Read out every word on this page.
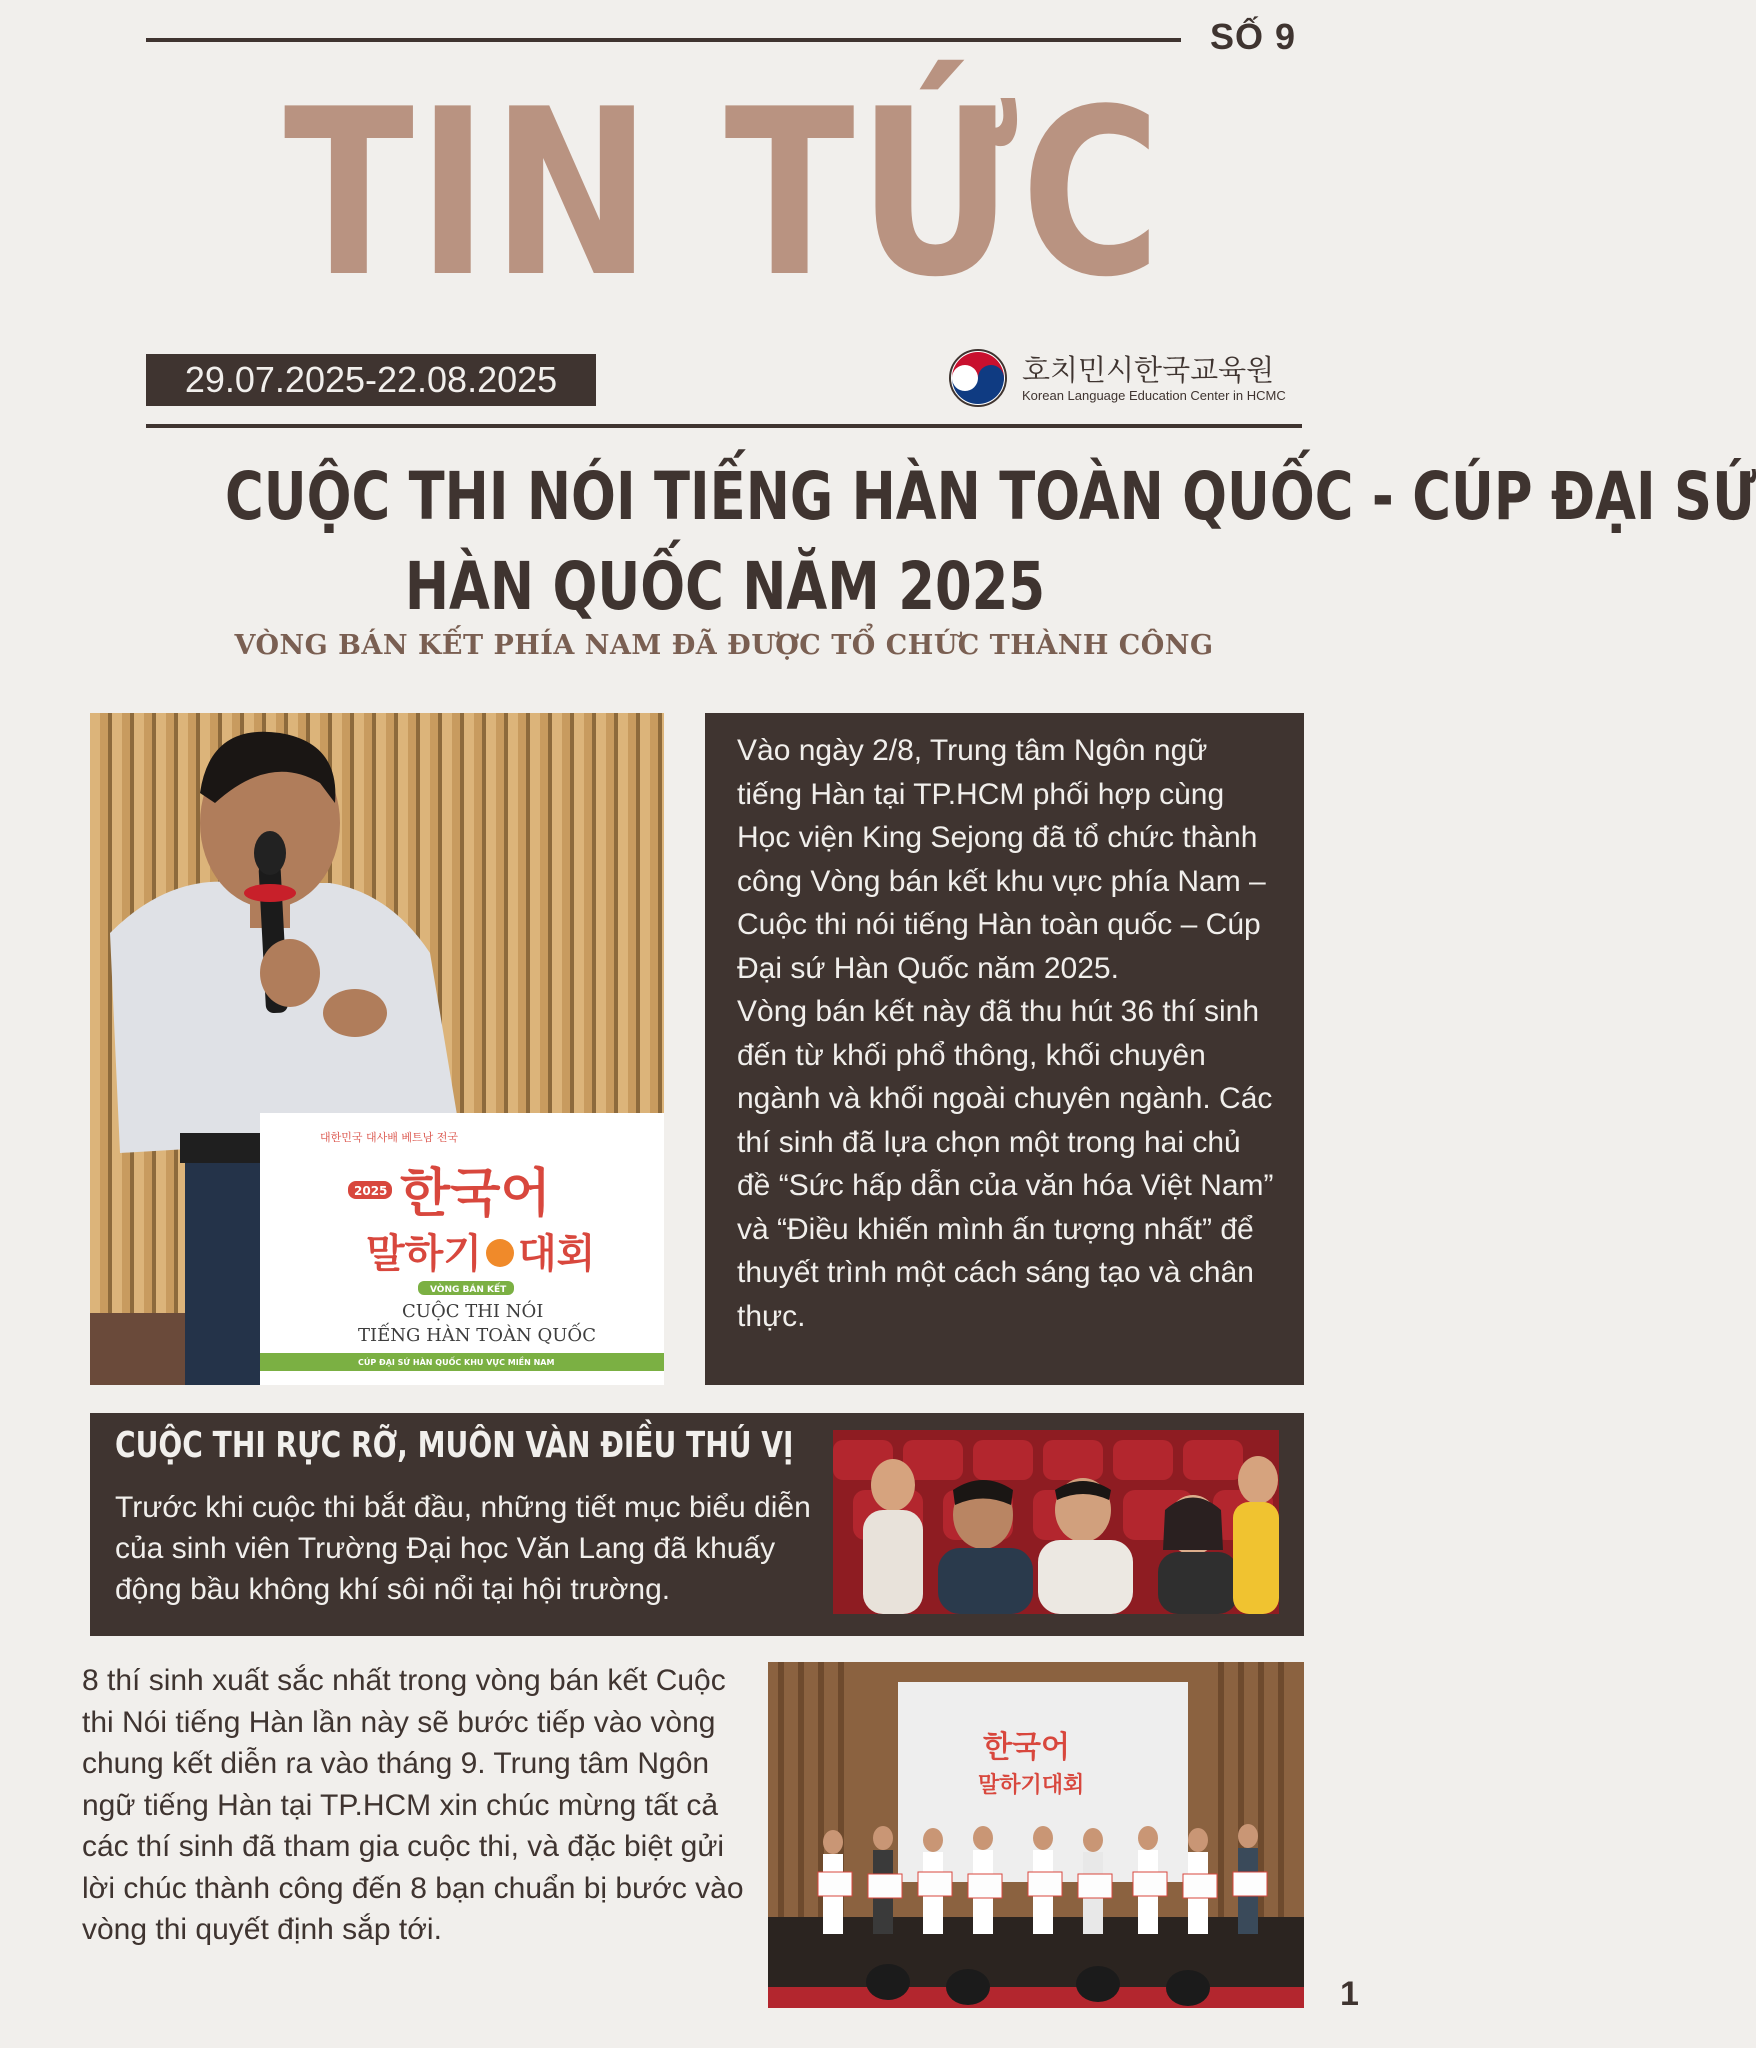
SỐ 9
TIN TỨC
29.07.2025-22.08.2025	호치민시한국교육원
Korean Language Education Center in HCMC
CUỘC THI NÓI TIẾNG HÀN TOÀN QUỐC - CÚP ĐẠI SỨ
HÀN QUỐC NĂM 2025
VÒNG BÁN KẾT PHÍA NAM ĐÃ ĐƯỢC TỔ CHỨC THÀNH CÔNG
대한민국 대사배 베트남 전국
2025 한국어
말하기 대회
VÒNG BÁN KẾT
CUỘC THI NÓI
TIẾNG HÀN TOÀN QUỐC
CÚP ĐẠI SỨ HÀN QUỐC KHU VỰC MIỀN NAM

Vào ngày 2/8, Trung tâm Ngôn ngữ tiếng Hàn tại TP.HCM phối hợp cùng Học viện King Sejong đã tổ chức thành công Vòng bán kết khu vực phía Nam – Cuộc thi nói tiếng Hàn toàn quốc – Cúp Đại sứ Hàn Quốc năm 2025.

Vòng bán kết này đã thu hút 36 thí sinh đến từ khối phổ thông, khối chuyên ngành và khối ngoài chuyên ngành. Các thí sinh đã lựa chọn một trong hai chủ đề “Sức hấp dẫn của văn hóa Việt Nam” và “Điều khiến mình ấn tượng nhất” để thuyết trình một cách sáng tạo và chân thực.

CUỘC THI RỰC RỠ, MUÔN VÀN ĐIỀU THÚ VỊ

Trước khi cuộc thi bắt đầu, những tiết mục biểu diễn của sinh viên Trường Đại học Văn Lang đã khuấy động bầu không khí sôi nổi tại hội trường.

8 thí sinh xuất sắc nhất trong vòng bán kết Cuộc thi Nói tiếng Hàn lần này sẽ bước tiếp vào vòng chung kết diễn ra vào tháng 9. Trung tâm Ngôn ngữ tiếng Hàn tại TP.HCM xin chúc mừng tất cả các thí sinh đã tham gia cuộc thi, và đặc biệt gửi lời chúc thành công đến 8 bạn chuẩn bị bước vào vòng thi quyết định sắp tới.

한국어
말하기대회
1
